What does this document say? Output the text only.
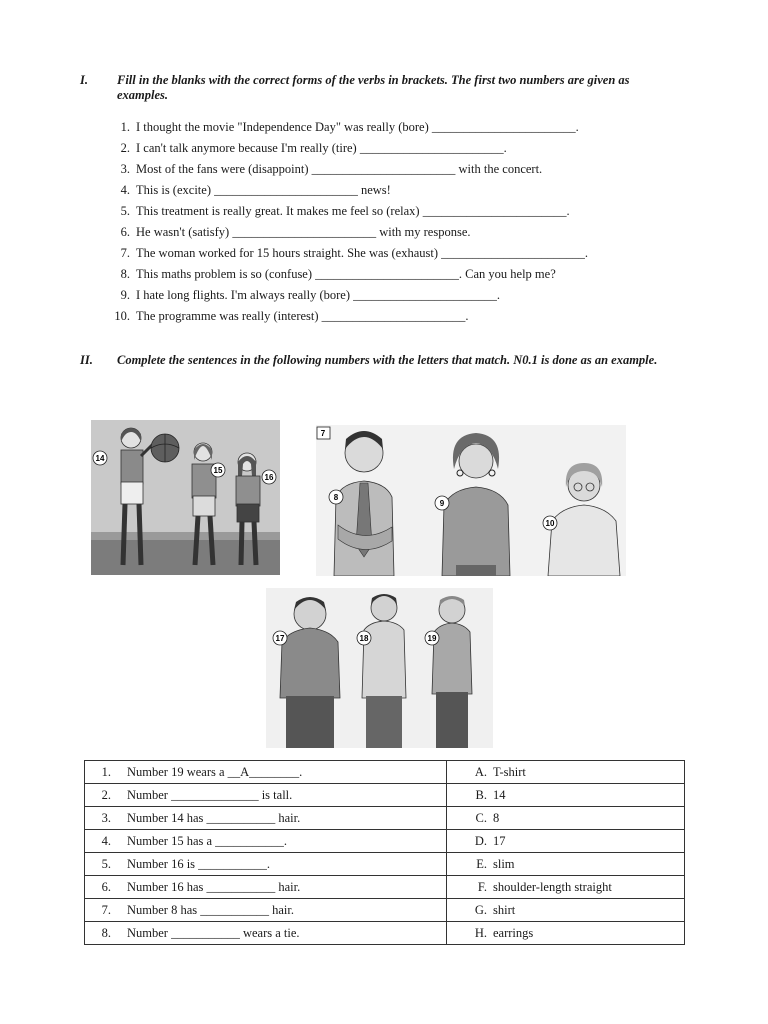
I. Fill in the blanks with the correct forms of the verbs in brackets. The first two numbers are given as examples.
1. I thought the movie "Independence Day" was really (bore) _______________________.
2. I can't talk anymore because I'm really (tire) _______________________.
3. Most of the fans were (disappoint) _______________________ with the concert.
4. This is (excite) _______________________ news!
5. This treatment is really great. It makes me feel so (relax) _______________________.
6. He wasn't (satisfy) _______________________ with my response.
7. The woman worked for 15 hours straight. She was (exhaust) _______________________.
8. This maths problem is so (confuse) _______________________. Can you help me?
9. I hate long flights. I'm always really (bore) _______________________.
10. The programme was really (interest) _______________________.
II. Complete the sentences in the following numbers with the letters that match. N0.1 is done as an example.
14
15
16
7
8
9
10
17	18	19
1. Number 19 wears a __A________.	A. T-shirt
2. Number ______________ is tall.	B. 14
3. Number 14 has ___________ hair.	C. 8
4. Number 15 has a ___________.	D. 17
5. Number 16 is ___________.	E. slim
6. Number 16 has ___________ hair.	F. shoulder-length straight
7. Number 8 has ___________ hair.	G. shirt
8. Number ___________ wears a tie.	H. earrings
